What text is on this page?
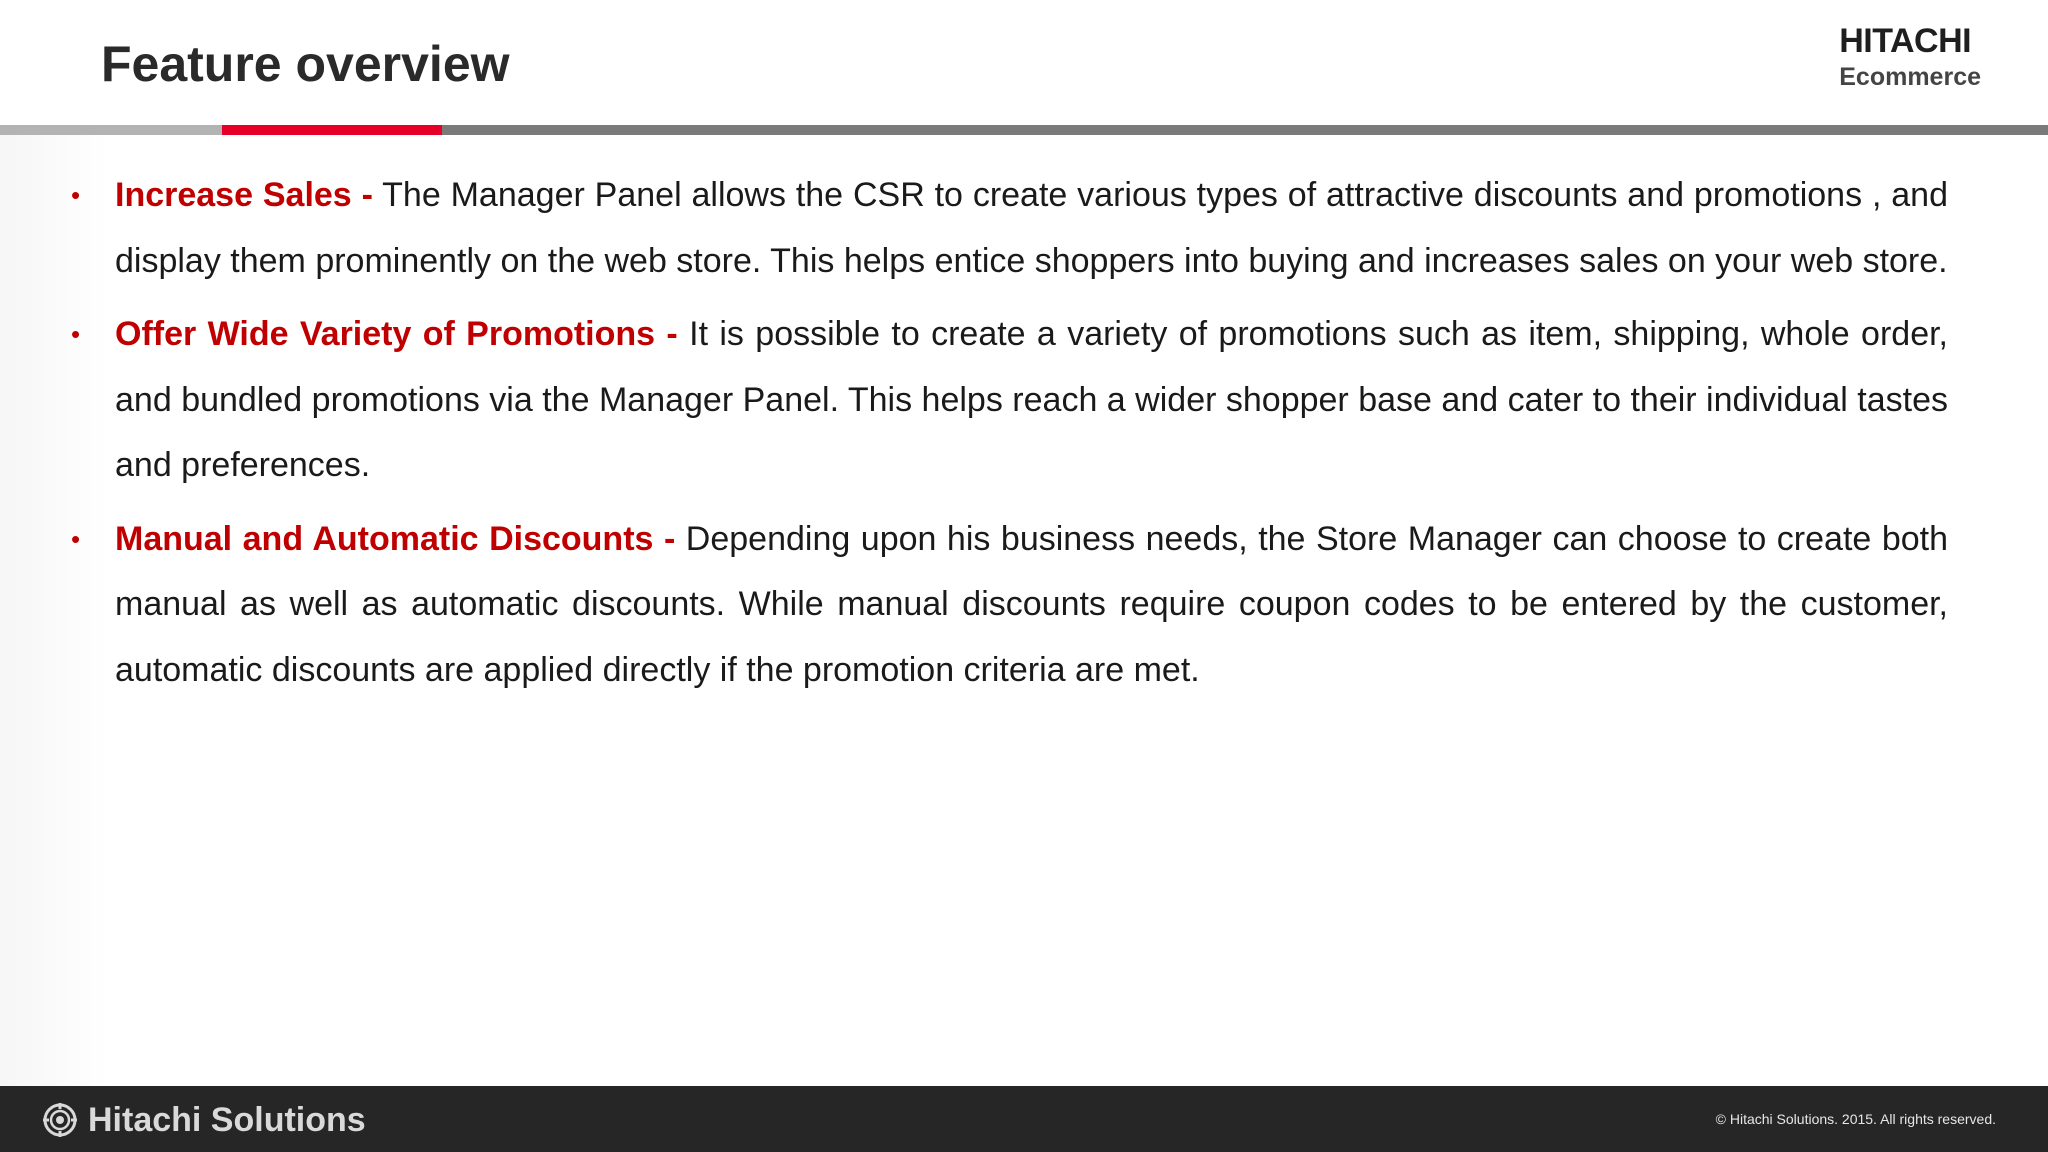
Feature overview	HITACHI
Ecommerce
• Increase Sales - The Manager Panel allows the CSR to create various types of attractive discounts and promotions , and display them prominently on the web store. This helps entice shoppers into buying and increases sales on your web store.
• Offer Wide Variety of Promotions - It is possible to create a variety of promotions such as item, shipping, whole order, and bundled promotions via the Manager Panel. This helps reach a wider shopper base and cater to their individual tastes and preferences.
• Manual and Automatic Discounts - Depending upon his business needs, the Store Manager can choose to create both manual as well as automatic discounts. While manual discounts require coupon codes to be entered by the customer, automatic discounts are applied directly if the promotion criteria are met.
Hitachi Solutions	© Hitachi Solutions. 2015. All rights reserved.
